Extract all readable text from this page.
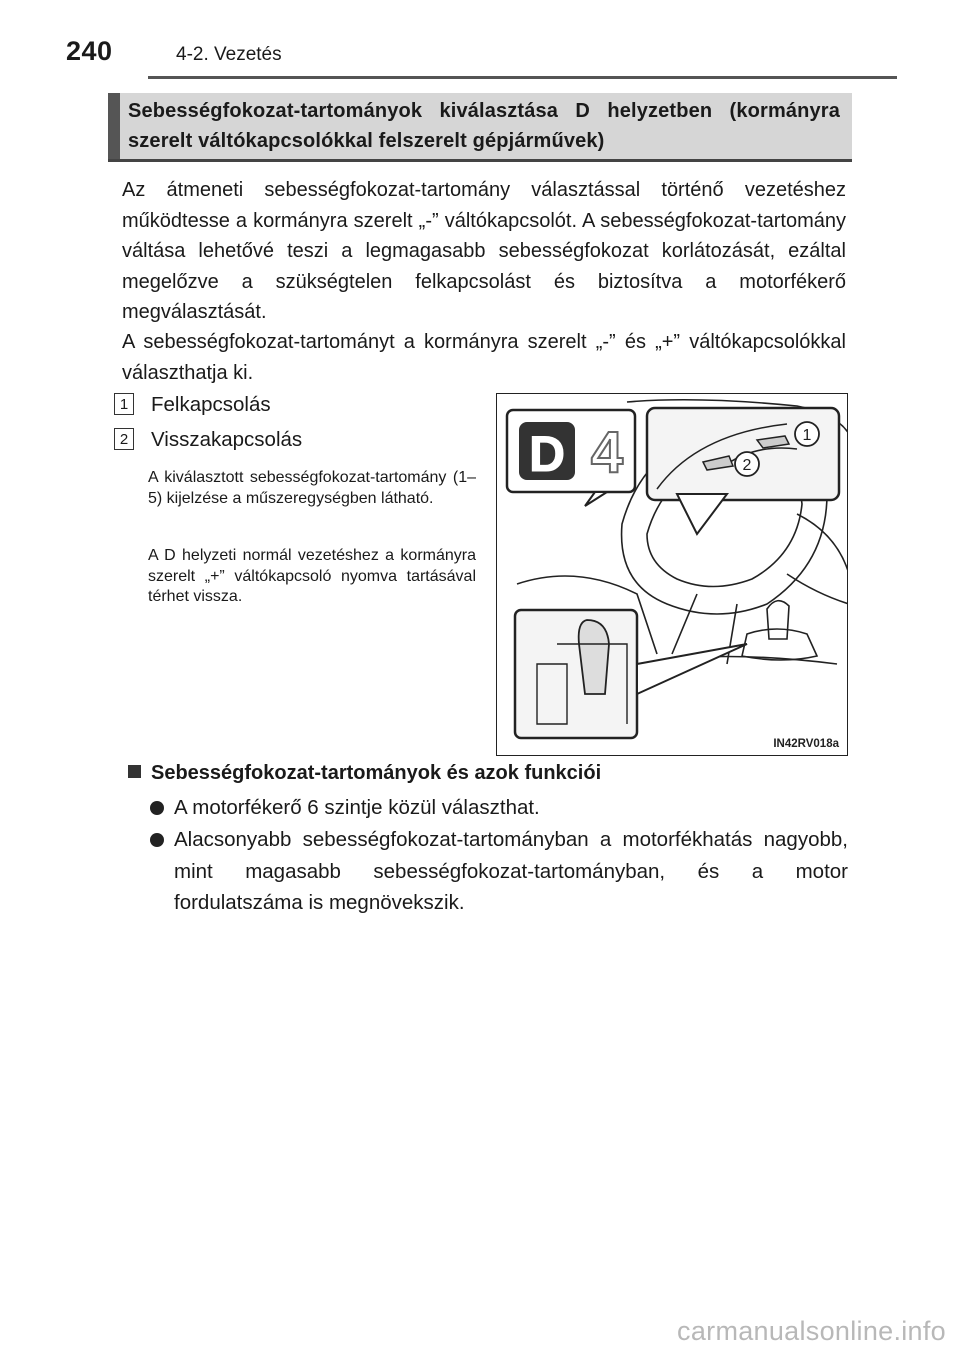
240	4-2. Vezetés
Sebességfokozat-tartományok kiválasztása D helyzetben (kormányra szerelt váltókapcsolókkal felszerelt gépjárművek)

Az átmeneti sebességfokozat-tartomány választással történő vezetéshez működtesse a kormányra szerelt „-” váltókapcsolót. A sebességfokozat-tartomány váltása lehetővé teszi a legmagasabb sebességfokozat korlátozását, ezáltal megelőzve a szükségtelen felkapcsolást és biztosítva a motorfékerő megválasztását.

A sebességfokozat-tartományt a kormányra szerelt „-” és „+” váltókapcsolókkal választhatja ki.

1 Felkapcsolás
2 Visszakapcsolás

A kiválasztott sebességfokozat-tartomány (1–5) kijelzése a műszeregységben látható.

A D helyzeti normál vezetéshez a kormányra szerelt „+” váltókapcsoló nyomva tartásával térhet vissza.

D 4	1
2
IN42RV018a
Sebességfokozat-tartományok és azok funkciói
A motorfékerő 6 szintje közül választhat.
Alacsonyabb sebességfokozat-tartományban a motorfékhatás nagyobb, mint magasabb sebességfokozat-tartományban, és a motor fordulatszáma is megnövekszik.
carmanualsonline.info
